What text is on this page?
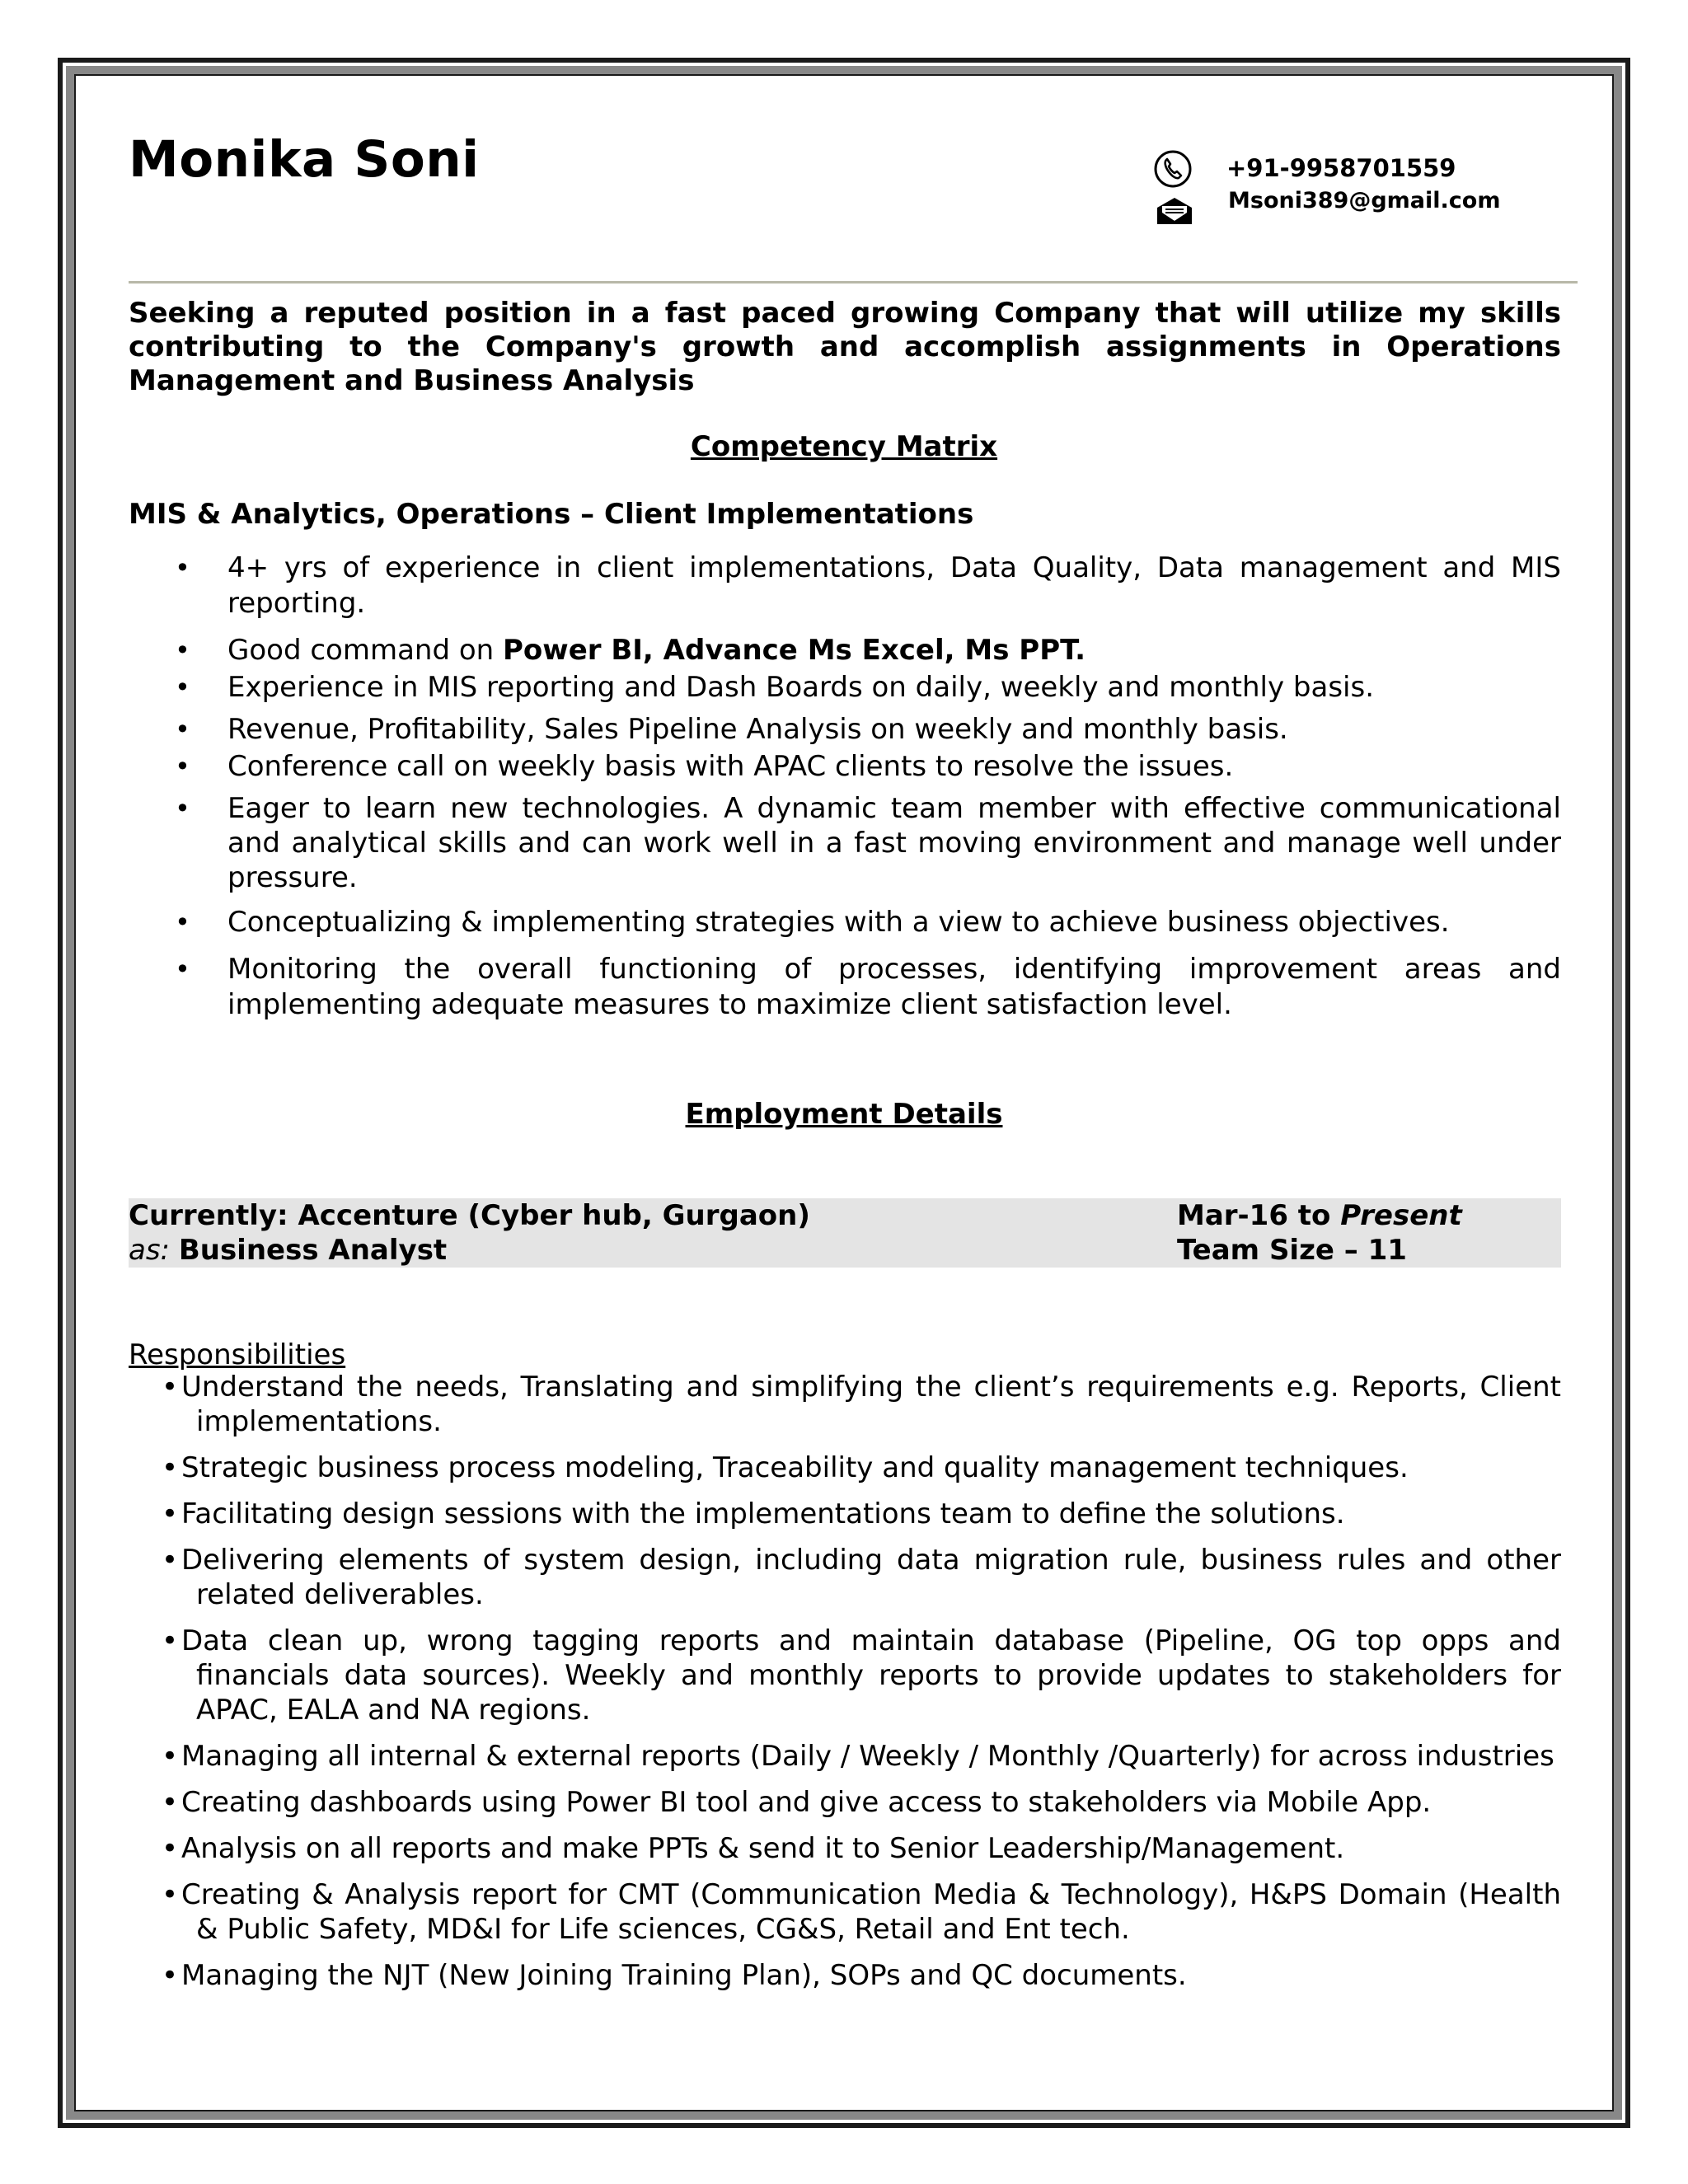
Monika Soni	+91-9958701559
Msoni389@gmail.com
Seeking a reputed position in a fast paced growing Company that will utilize my skills contributing to the Company's growth and accomplish assignments in Operations Management and Business Analysis
Competency Matrix
MIS & Analytics, Operations – Client Implementations
• 4+ yrs of experience in client implementations, Data Quality, Data management and MIS reporting.
• Good command on Power BI, Advance Ms Excel, Ms PPT.
• Experience in MIS reporting and Dash Boards on daily, weekly and monthly basis.
• Revenue, Profitability, Sales Pipeline Analysis on weekly and monthly basis.
• Conference call on weekly basis with APAC clients to resolve the issues.
• Eager to learn new technologies. A dynamic team member with effective communicational and analytical skills and can work well in a fast moving environment and manage well under pressure.
• Conceptualizing & implementing strategies with a view to achieve business objectives.
• Monitoring the overall functioning of processes, identifying improvement areas and implementing adequate measures to maximize client satisfaction level.
Employment Details
Currently: Accenture (Cyber hub, Gurgaon)
as: Business Analyst
Mar-16 to Present
Team Size – 11
Responsibilities
• Understand the needs, Translating and simplifying the client’s requirements e.g. Reports, Client implementations.
• Strategic business process modeling, Traceability and quality management techniques.
• Facilitating design sessions with the implementations team to define the solutions.
• Delivering elements of system design, including data migration rule, business rules and other related deliverables.
• Data clean up, wrong tagging reports and maintain database (Pipeline, OG top opps and financials data sources). Weekly and monthly reports to provide updates to stakeholders for APAC, EALA and NA regions.
• Managing all internal & external reports (Daily / Weekly / Monthly /Quarterly) for across industries
• Creating dashboards using Power BI tool and give access to stakeholders via Mobile App.
• Analysis on all reports and make PPTs & send it to Senior Leadership/Management.
• Creating & Analysis report for CMT (Communication Media & Technology), H&PS Domain (Health & Public Safety, MD&I for Life sciences, CG&S, Retail and Ent tech.
• Managing the NJT (New Joining Training Plan), SOPs and QC documents.
